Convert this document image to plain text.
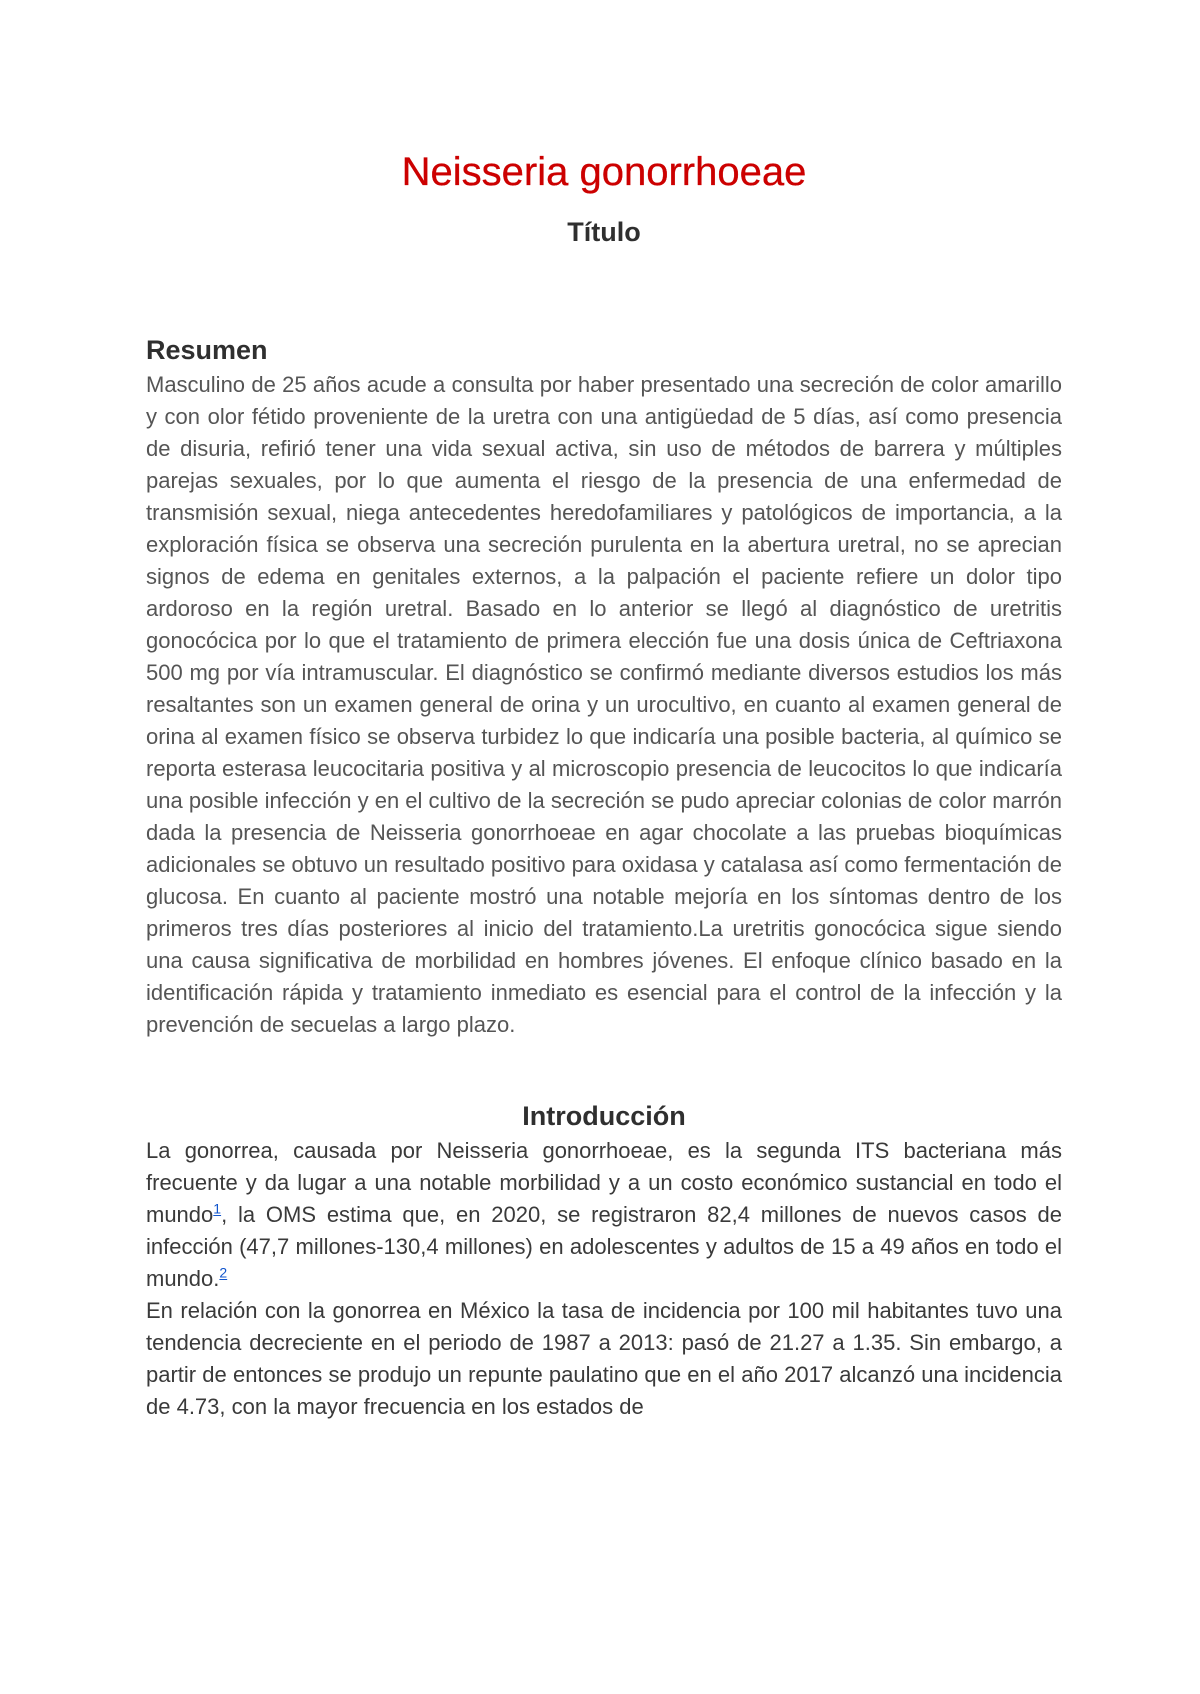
Neisseria gonorrhoeae
Título
Resumen

Masculino de 25 años acude a consulta por haber presentado una secreción de color amarillo y con olor fétido proveniente de la uretra con una antigüedad de 5 días, así como presencia de disuria, refirió tener una vida sexual activa, sin uso de métodos de barrera y múltiples parejas sexuales, por lo que aumenta el riesgo de la presencia de una enfermedad de transmisión sexual, niega antecedentes heredofamiliares y patológicos de importancia, a la exploración física se observa una secreción purulenta en la abertura uretral, no se aprecian signos de edema en genitales externos, a la palpación el paciente refiere un dolor tipo ardoroso en la región uretral. Basado en lo anterior se llegó al diagnóstico de uretritis gonocócica por lo que el tratamiento de primera elección fue una dosis única de Ceftriaxona 500 mg por vía intramuscular. El diagnóstico se confirmó mediante diversos estudios los más resaltantes son un examen general de orina y un urocultivo, en cuanto al examen general de orina al examen físico se observa turbidez lo que indicaría una posible bacteria, al químico se reporta esterasa leucocitaria positiva y al microscopio presencia de leucocitos lo que indicaría una posible infección y en el cultivo de la secreción se pudo apreciar colonias de color marrón dada la presencia de Neisseria gonorrhoeae en agar chocolate a las pruebas bioquímicas adicionales se obtuvo un resultado positivo para oxidasa y catalasa así como fermentación de glucosa. En cuanto al paciente mostró una notable mejoría en los síntomas dentro de los primeros tres días posteriores al inicio del tratamiento.La uretritis gonocócica sigue siendo una causa significativa de morbilidad en hombres jóvenes. El enfoque clínico basado en la identificación rápida y tratamiento inmediato es esencial para el control de la infección y la prevención de secuelas a largo plazo.

Introducción

La gonorrea, causada por Neisseria gonorrhoeae, es la segunda ITS bacteriana más frecuente y da lugar a una notable morbilidad y a un costo económico sustancial en todo el mundo$^1$, la OMS estima que, en 2020, se registraron 82,4 millones de nuevos casos de infección (47,7 millones-130,4 millones) en adolescentes y adultos de 15 a 49 años en todo el mundo.$^2$

En relación con la gonorrea en México la tasa de incidencia por 100 mil habitantes tuvo una tendencia decreciente en el periodo de 1987 a 2013: pasó de 21.27 a 1.35. Sin embargo, a partir de entonces se produjo un repunte paulatino que en el año 2017 alcanzó una incidencia de 4.73, con la mayor frecuencia en los estados de
